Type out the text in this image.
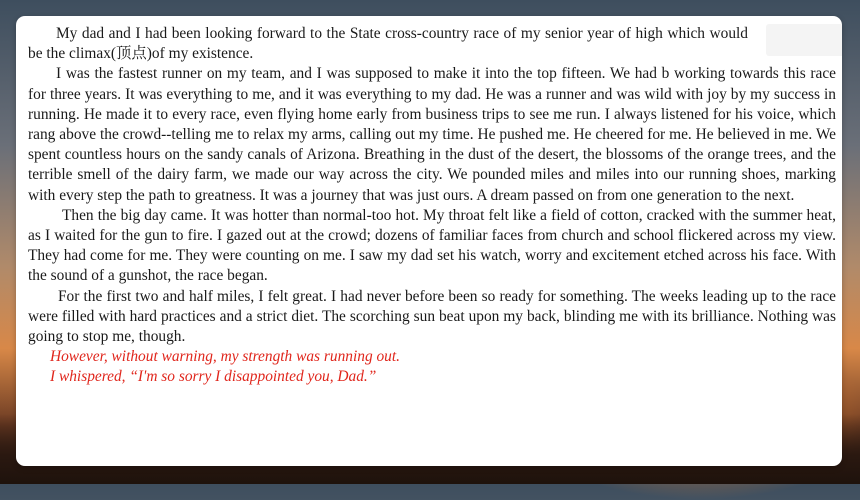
My dad and I had been looking forward to the State cross-country race of my senior year of high which would be the climax(顶点)of my existence.

I was the fastest runner on my team, and I was supposed to make it into the top fifteen. We had b working towards this race for three years. It was everything to me, and it was everything to my dad. He was a runner and was wild with joy by my success in running. He made it to every race, even flying home early from business trips to see me run. I always listened for his voice, which rang above the crowd--telling me to relax my arms, calling out my time. He pushed me. He cheered for me. He believed in me. We spent countless hours on the sandy canals of Arizona. Breathing in the dust of the desert, the blossoms of the orange trees, and the terrible smell of the dairy farm, we made our way across the city. We pounded miles and miles into our running shoes, marking with every step the path to greatness. It was a journey that was just ours. A dream passed on from one generation to the next.

Then the big day came. It was hotter than normal-too hot. My throat felt like a field of cotton, cracked with the summer heat, as I waited for the gun to fire. I gazed out at the crowd; dozens of familiar faces from church and school flickered across my view. They had come for me. They were counting on me. I saw my dad set his watch, worry and excitement etched across his face. With the sound of a gunshot, the race began.

For the first two and half miles, I felt great. I had never before been so ready for something. The weeks leading up to the race were filled with hard practices and a strict diet. The scorching sun beat upon my back, blinding me with its brilliance. Nothing was going to stop me, though.

However, without warning, my strength was running out.

I whispered, “I'm so sorry I disappointed you, Dad.”
